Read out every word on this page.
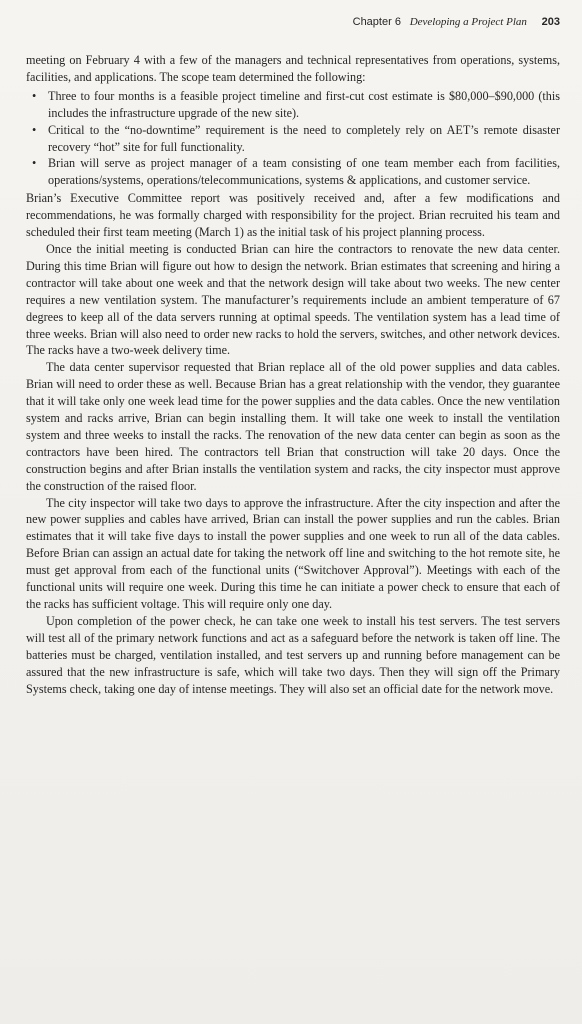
Chapter 6 Developing a Project Plan 203

meeting on February 4 with a few of the managers and technical representatives from operations, systems, facilities, and applications. The scope team determined the following:

• Three to four months is a feasible project timeline and first-cut cost estimate is $80,000–$90,000 (this includes the infrastructure upgrade of the new site).
• Critical to the “no-downtime” requirement is the need to completely rely on AET’s remote disaster recovery “hot” site for full functionality.
• Brian will serve as project manager of a team consisting of one team member each from facilities, operations/systems, operations/telecommunications, systems & applications, and customer service.

Brian’s Executive Committee report was positively received and, after a few modifications and recommendations, he was formally charged with responsibility for the project. Brian recruited his team and scheduled their first team meeting (March 1) as the initial task of his project planning process.

Once the initial meeting is conducted Brian can hire the contractors to renovate the new data center. During this time Brian will figure out how to design the network. Brian estimates that screening and hiring a contractor will take about one week and that the network design will take about two weeks. The new center requires a new ventilation system. The manufacturer’s requirements include an ambient temperature of 67 degrees to keep all of the data servers running at optimal speeds. The ventilation system has a lead time of three weeks. Brian will also need to order new racks to hold the servers, switches, and other network devices. The racks have a two-week delivery time.

The data center supervisor requested that Brian replace all of the old power supplies and data cables. Brian will need to order these as well. Because Brian has a great relationship with the vendor, they guarantee that it will take only one week lead time for the power supplies and the data cables. Once the new ventilation system and racks arrive, Brian can begin installing them. It will take one week to install the ventilation system and three weeks to install the racks. The renovation of the new data center can begin as soon as the contractors have been hired. The contractors tell Brian that construction will take 20 days. Once the construction begins and after Brian installs the ventilation system and racks, the city inspector must approve the construction of the raised floor.

The city inspector will take two days to approve the infrastructure. After the city inspection and after the new power supplies and cables have arrived, Brian can install the power supplies and run the cables. Brian estimates that it will take five days to install the power supplies and one week to run all of the data cables. Before Brian can assign an actual date for taking the network off line and switching to the hot remote site, he must get approval from each of the functional units (“Switchover Approval”). Meetings with each of the functional units will require one week. During this time he can initiate a power check to ensure that each of the racks has sufficient voltage. This will require only one day.

Upon completion of the power check, he can take one week to install his test servers. The test servers will test all of the primary network functions and act as a safeguard before the network is taken off line. The batteries must be charged, ventilation installed, and test servers up and running before management can be assured that the new infrastructure is safe, which will take two days. Then they will sign off the Primary Systems check, taking one day of intense meetings. They will also set an official date for the network move.
